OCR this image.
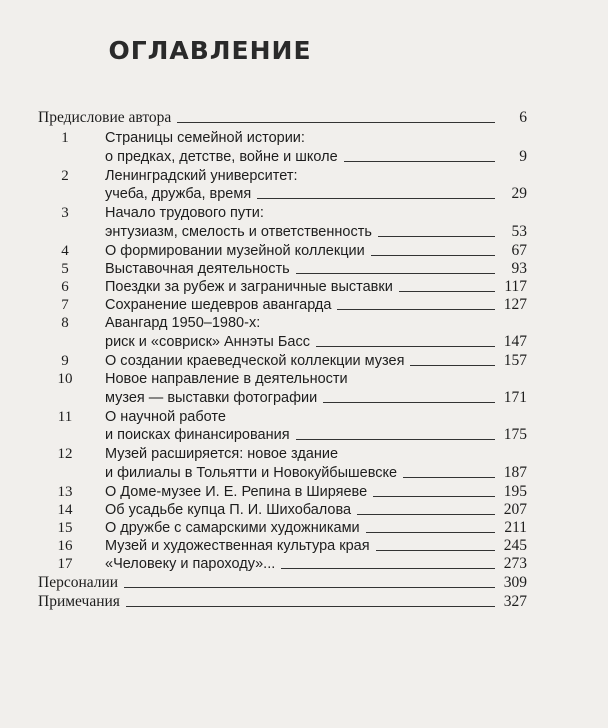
ОГЛАВЛЕНИЕ
Предисловие автора	6
1	Страницы семейной истории:
о предках, детстве, войне и школе	9
2	Ленинградский университет:
учеба, дружба, время	29
3	Начало трудового пути:
энтузиазм, смелость и ответственность	53
4	О формировании музейной коллекции	67
5	Выставочная деятельность	93
6	Поездки за рубеж и заграничные выставки	117
7	Сохранение шедевров авангарда	127
8	Авангард 1950–1980-х:
риск и «совриск» Аннэты Басс	147
9	О создании краеведческой коллекции музея	157
10	Новое направление в деятельности
музея — выставки фотографии	171
11	О научной работе
и поисках финансирования	175
12	Музей расширяется: новое здание
и филиалы в Тольятти и Новокуйбышевске	187
13	О Доме-музее И. Е. Репина в Ширяеве	195
14	Об усадьбе купца П. И. Шихобалова	207
15	О дружбе с самарскими художниками	211
16	Музей и художественная культура края	245
17	«Человеку и пароходу»...	273
Персоналии	309
Примечания	327
